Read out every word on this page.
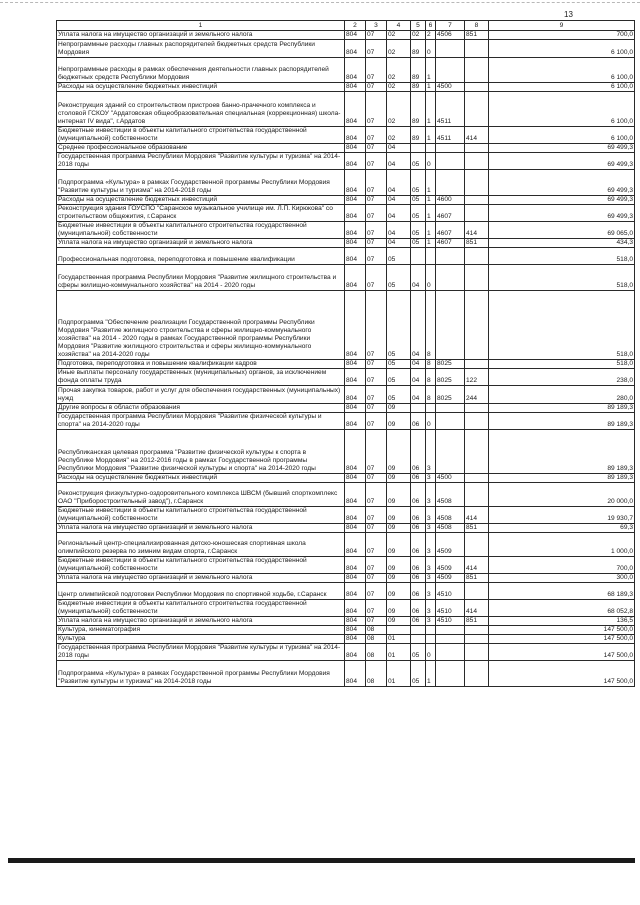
13
1	2	3	4	5	6	7	8	9
Уплата налога на имущество организаций и земельного налога	804	07	02	02	2	4506	851	700,0
Непрограммные расходы главных распорядителей бюджетных средств Республики Мордовия	804	07	02	89	0			6 100,0
Непрограммные расходы в рамках обеспечения деятельности главных распорядителей бюджетных средств Республики Мордовия	804	07	02	89	1			6 100,0
Расходы на осуществление бюджетных инвестиций	804	07	02	89	1	4500		6 100,0
Реконструкция зданий со строительством пристроев банно-прачечного комплекса и столовой ГСКОУ "Ардатовская общеобразовательная специальная (коррекционная) школа-интернат IV вида", г.Ардатов	804	07	02	89	1	4511		6 100,0
Бюджетные инвестиции в объекты капитального строительства государственной (муниципальной) собственности	804	07	02	89	1	4511	414	6 100,0
Среднее профессиональное образование	804	07	04					69 499,3
Государственная программа Республики Мордовия "Развитие культуры и туризма" на 2014-2018 годы	804	07	04	05	0			69 499,3
Подпрограмма «Культура» в рамках Государственной программы Республики Мордовия "Развитие культуры и туризма" на 2014-2018 годы	804	07	04	05	1			69 499,3
Расходы на осуществление бюджетных инвестиций	804	07	04	05	1	4600		69 499,3
Реконструкция здания ГОУСПО "Саранское музыкальное училище им. Л.П. Кирюкова" со строительством общежития, г.Саранск	804	07	04	05	1	4607		69 499,3
Бюджетные инвестиции в объекты капитального строительства государственной (муниципальной) собственности	804	07	04	05	1	4607	414	69 065,0
Уплата налога на имущество организаций и земельного налога	804	07	04	05	1	4607	851	434,3
Профессиональная подготовка, переподготовка и повышение квалификации	804	07	05					518,0
Государственная программа Республики Мордовия "Развитие жилищного строительства и сферы жилищно-коммунального хозяйства" на 2014 - 2020 годы	804	07	05	04	0			518,0
Подпрограмма "Обеспечение реализации Государственной программы Республики Мордовия "Развитие жилищного строительства и сферы жилищно-коммунального хозяйства" на 2014 - 2020 годы в рамках Государственной программы Республики Мордовия "Развитие жилищного строительства и сферы жилищно-коммунального хозяйства" на 2014-2020 годы	804	07	05	04	8			518,0
Подготовка, переподготовка и повышение квалификации кадров	804	07	05	04	8	8025		518,0
Иные выплаты персоналу государственных (муниципальных) органов, за исключением фонда оплаты труда	804	07	05	04	8	8025	122	238,0
Прочая закупка товаров, работ и услуг для обеспечения государственных (муниципальных) нужд	804	07	05	04	8	8025	244	280,0
Другие вопросы в области образования	804	07	09					89 189,3
Государственная программа Республики Мордовия "Развитие физической культуры и спорта" на 2014-2020 годы	804	07	09	06	0			89 189,3
Республиканская целевая программа "Развитие физической культуры к спорта в Республике Мордовия" на 2012-2016 годы в рамках Государственной программы Республики Мордовия "Развитие физической культуры и спорта" на 2014-2020 годы	804	07	09	06	3			89 189,3
Расходы на осуществление бюджетных инвестиций	804	07	09	06	3	4500		89 189,3
Реконструкция физкультурно-оздоровительного комплекса ШВСМ (бывший спорткомплекс ОАО "Приборостроительный завод"), г.Саранск	804	07	09	06	3	4508		20 000,0
Бюджетные инвестиции в объекты капитального строительства государственной (муниципальной) собственности	804	07	09	06	3	4508	414	19 930,7
Уплата налога на имущество организаций и земельного налога	804	07	09	06	3	4508	851	69,3
Региональный центр-специализированная детско-юношеская спортивная школа олимпийского резерва по зимним видам спорта, г.Саранск	804	07	09	06	3	4509		1 000,0
Бюджетные инвестиции в объекты капитального строительства государственной (муниципальной) собственности	804	07	09	06	3	4509	414	700,0
Уплата налога на имущество организаций и земельного налога	804	07	09	06	3	4509	851	300,0
Центр олимпийской подготовки Республики Мордовия по спортивной ходьбе, г.Саранск	804	07	09	06	3	4510		68 189,3
Бюджетные инвестиции в объекты капитального строительства государственной (муниципальной) собственности	804	07	09	06	3	4510	414	68 052,8
Уплата налога на имущество организаций и земельного налога	804	07	09	06	3	4510	851	136,5
Культура, кинематография	804	08						147 500,0
Культура	804	08	01					147 500,0
Государственная программа Республики Мордовия "Развитие культуры и туризма" на 2014-2018 годы	804	08	01	05	0			147 500,0
Подпрограмма «Культура» в рамках Государственной программы Республики Мордовия "Развитие культуры и туризма" на 2014-2018 годы	804	08	01	05	1			147 500,0
